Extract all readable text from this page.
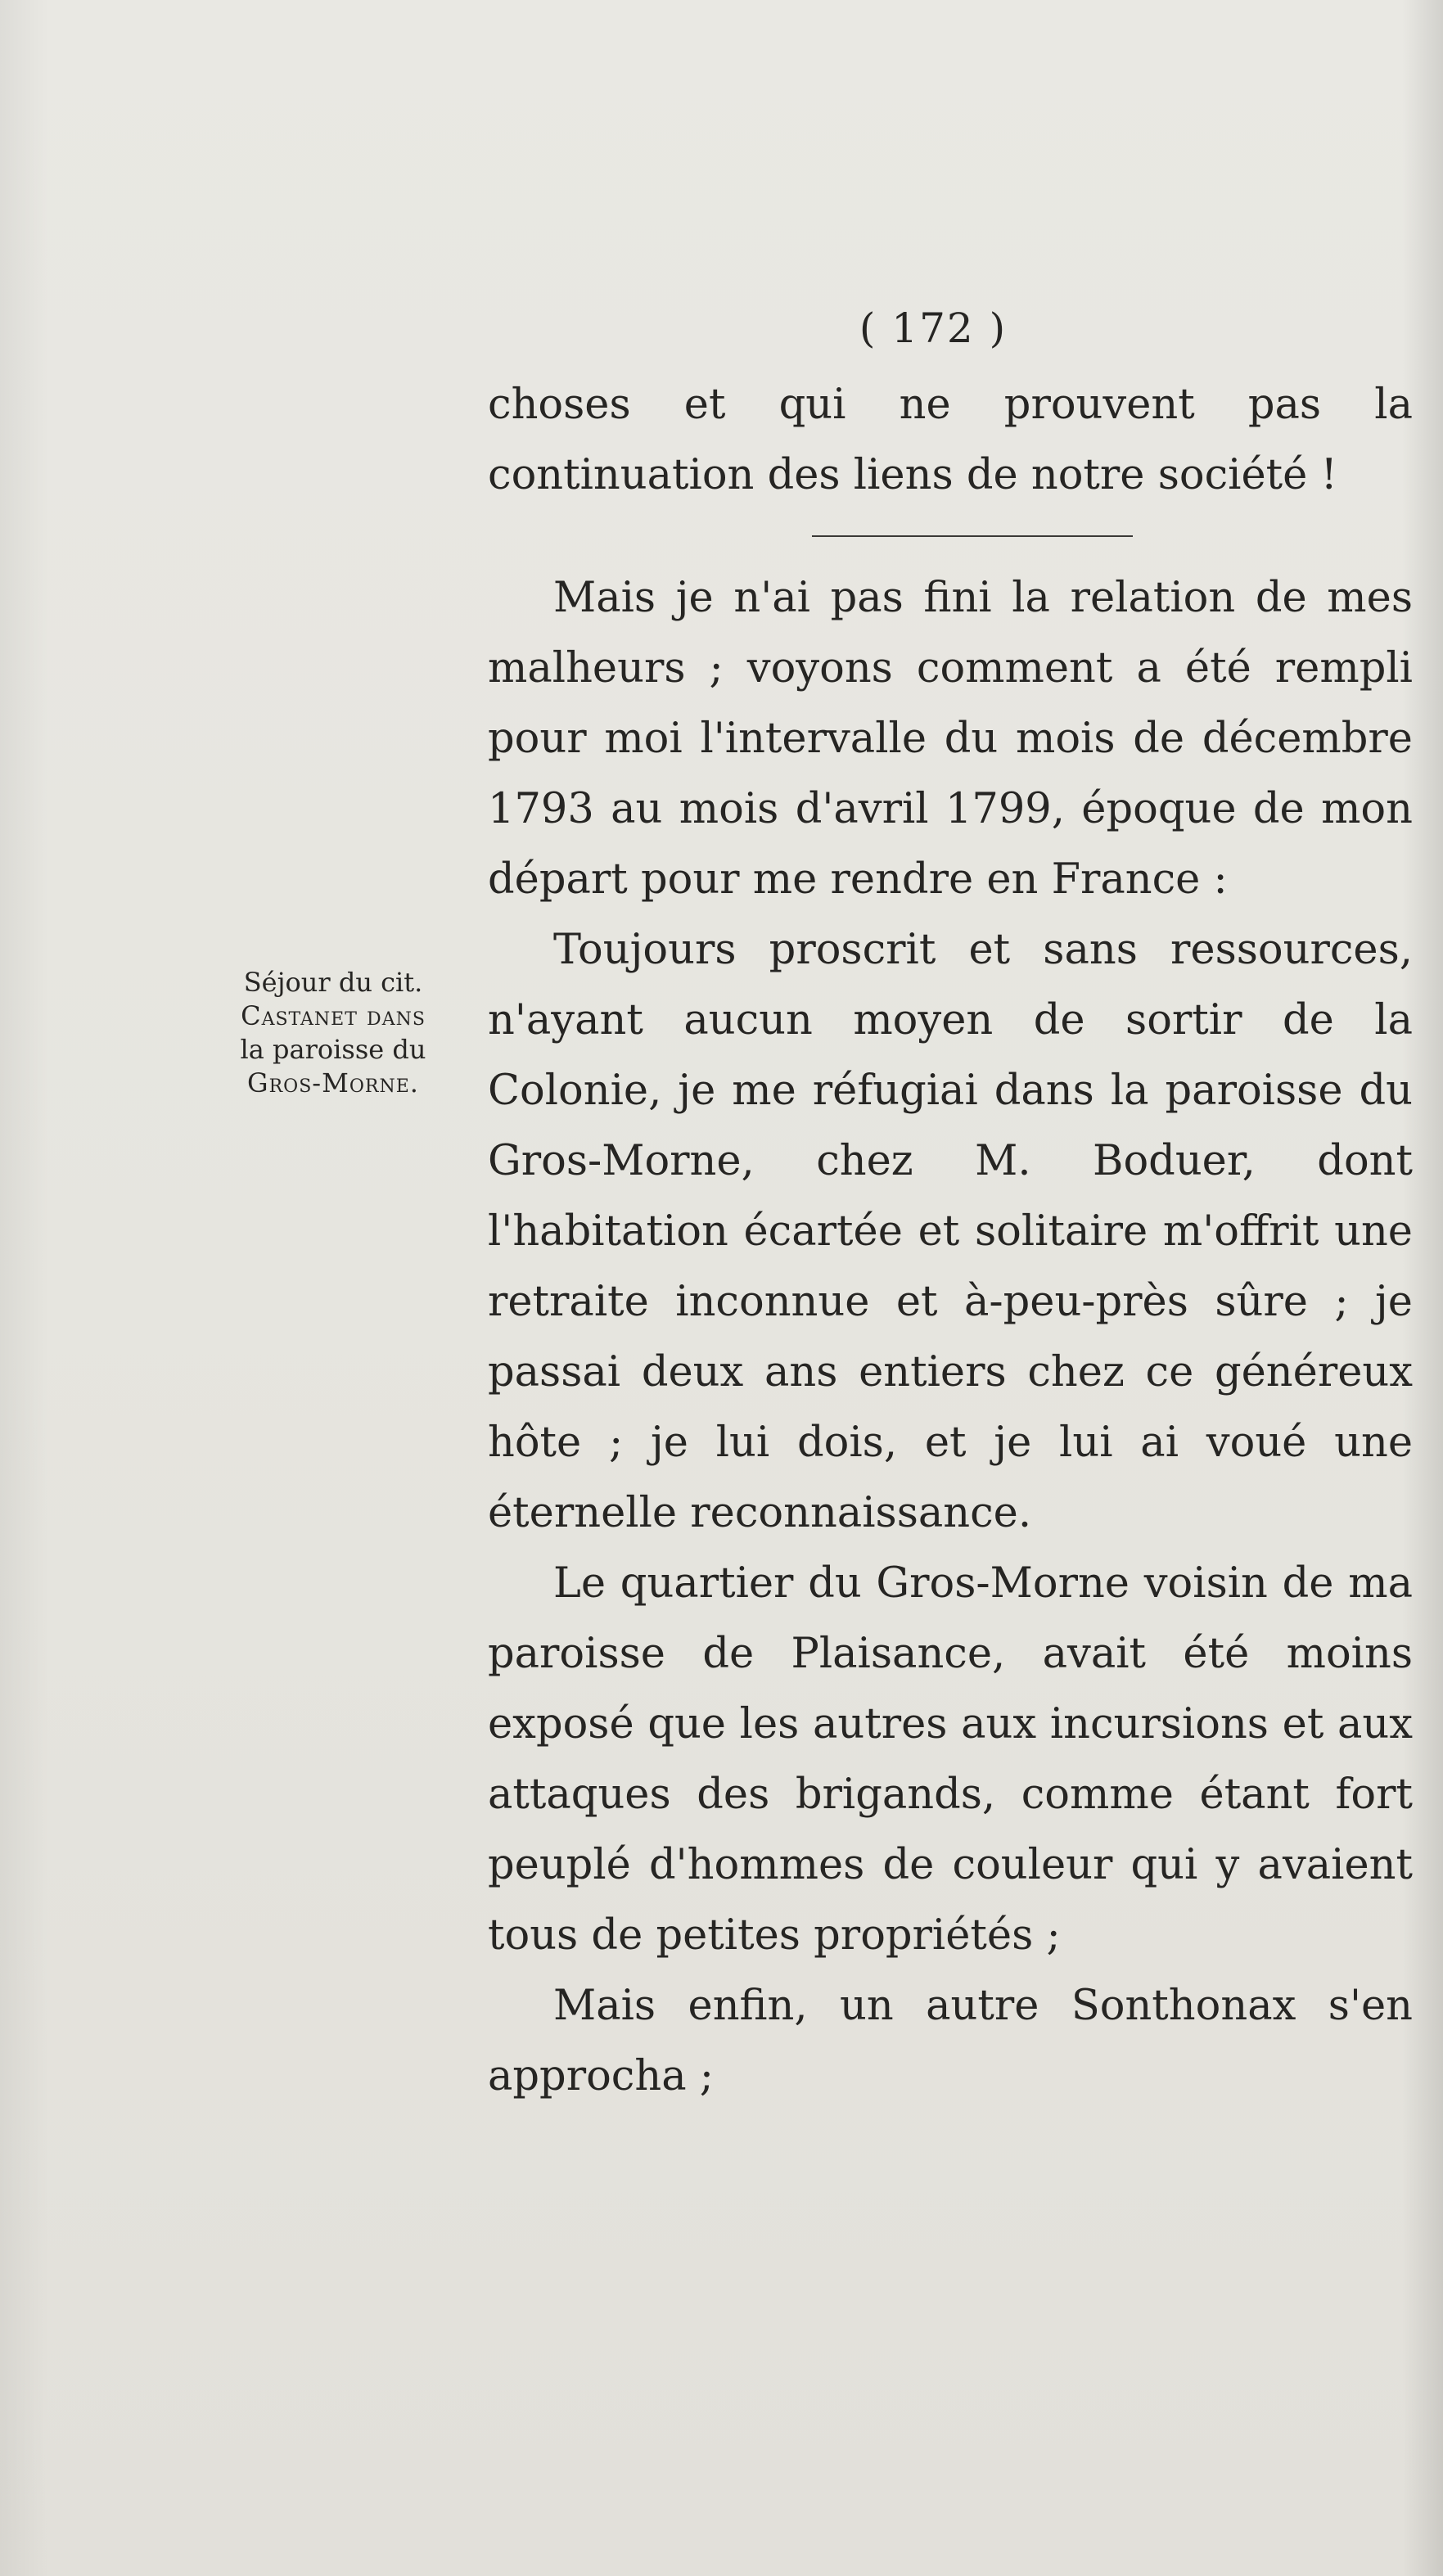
( 172 )

choses et qui ne prouvent pas la continuation des liens de notre société !

Mais je n'ai pas fini la relation de mes malheurs ; voyons comment a été rempli pour moi l'intervalle du mois de décembre 1793 au mois d'avril 1799, époque de mon départ pour me rendre en France :

Toujours proscrit et sans ressources, n'ayant aucun moyen de sortir de la Colonie, je me réfugiai dans la paroisse du Gros-Morne, chez M. Boduer, dont l'habitation écartée et solitaire m'offrit une retraite inconnue et à-peu-près sûre ; je passai deux ans entiers chez ce généreux hôte ; je lui dois, et je lui ai voué une éternelle reconnaissance.

Le quartier du Gros-Morne voisin de ma paroisse de Plaisance, avait été moins exposé que les autres aux incursions et aux attaques des brigands, comme étant fort peuplé d'hommes de couleur qui y avaient tous de petites propriétés ;

Mais enfin, un autre Sonthonax s'en approcha ;

Séjour du cit.
Castanet dans
la paroisse du
Gros-Morne.
